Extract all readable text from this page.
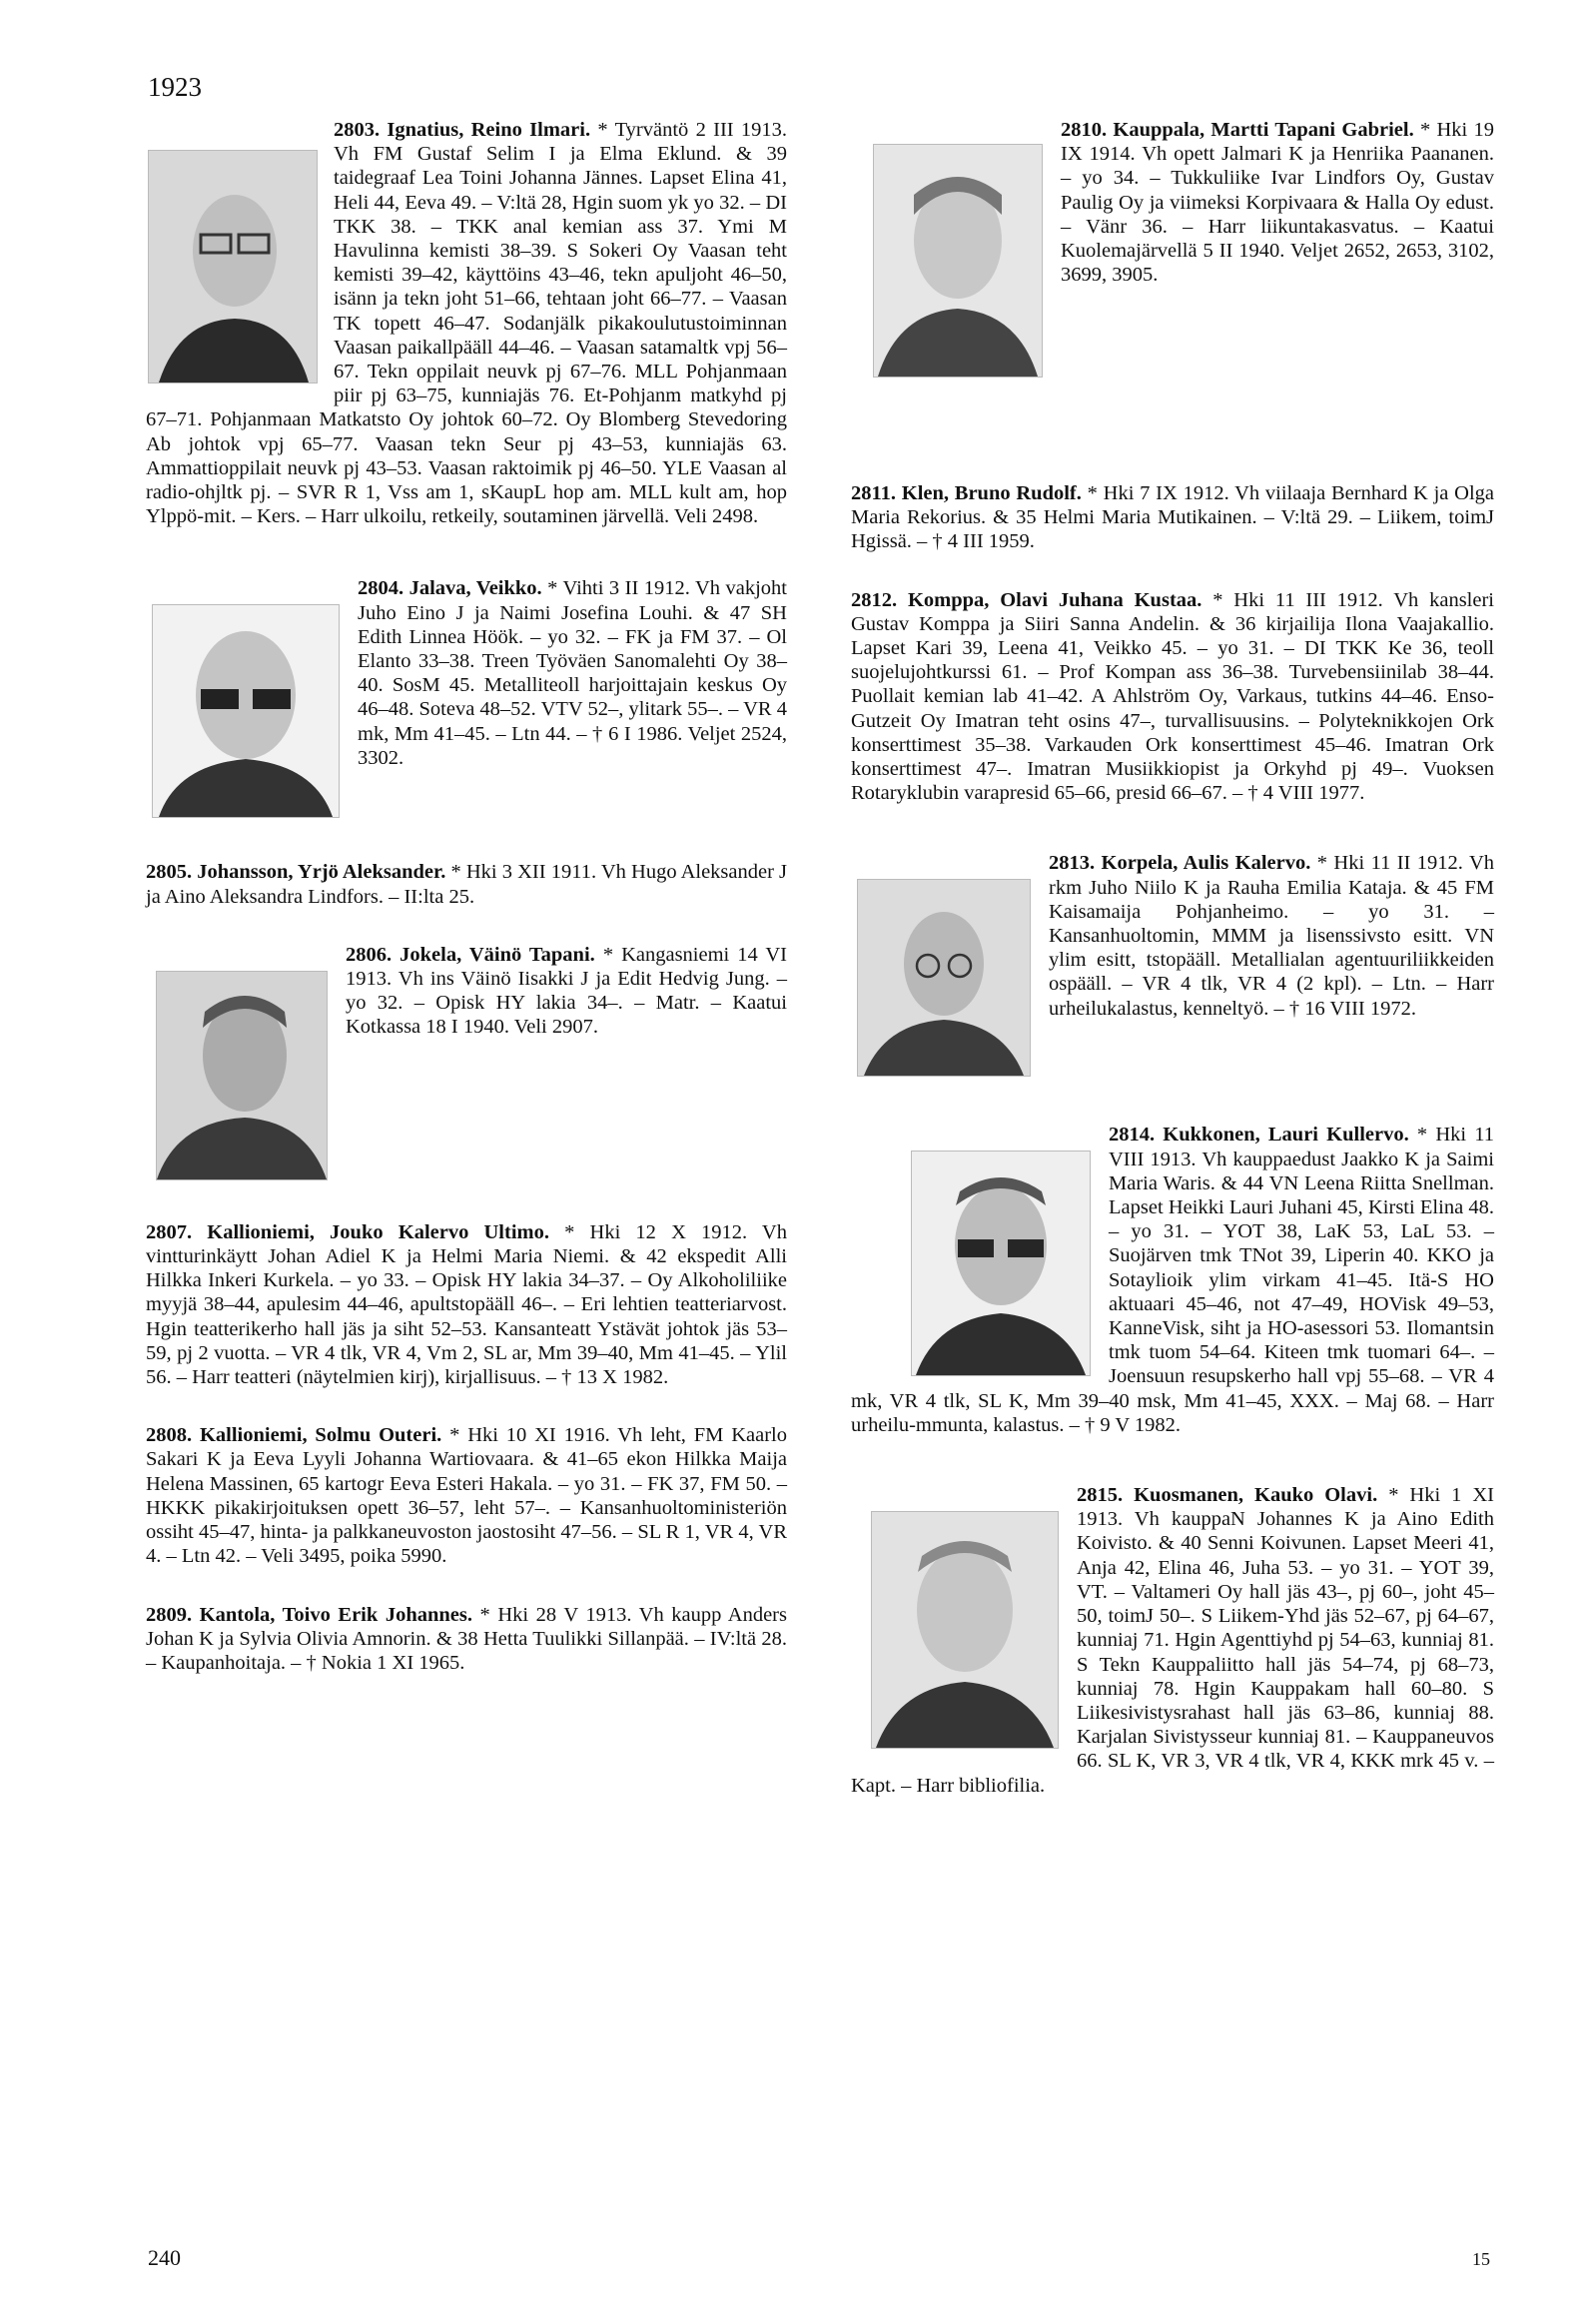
1923

2803. Ignatius, Reino Ilmari. * Tyrväntö 2 III 1913. Vh FM Gustaf Selim I ja Elma Eklund. & 39 taidegraaf Lea Toini Johanna Jännes. Lapset Elina 41, Heli 44, Eeva 49. – V:ltä 28, Hgin suom yk yo 32. – DI TKK 38. – TKK anal kemian ass 37. Ymi M Havulinna kemisti 38–39. S Sokeri Oy Vaasan teht kemisti 39–42, käyttöins 43–46, tekn apuljoht 46–50, isänn ja tekn joht 51–66, tehtaan joht 66–77. – Vaasan TK topett 46–47. Sodanjälk pikakoulutustoiminnan Vaasan paikallpääll 44–46. – Vaasan satamaltk vpj 56–67. Tekn oppilait neuvk pj 67–76. MLL Pohjanmaan piir pj 63–75, kunniajäs 76. Et-Pohjanm matkyhd pj 67–71. Pohjanmaan Matkatsto Oy johtok 60–72. Oy Blomberg Stevedoring Ab johtok vpj 65–77. Vaasan tekn Seur pj 43–53, kunniajäs 63. Ammattioppilait neuvk pj 43–53. Vaasan raktoimik pj 46–50. YLE Vaasan al radio-ohjltk pj. – SVR R 1, Vss am 1, sKaupL hop am. MLL kult am, hop Ylppö-mit. – Kers. – Harr ulkoilu, retkeily, soutaminen järvellä. Veli 2498.

2804. Jalava, Veikko. * Vihti 3 II 1912. Vh vakjoht Juho Eino J ja Naimi Josefina Louhi. & 47 SH Edith Linnea Höök. – yo 32. – FK ja FM 37. – Ol Elanto 33–38. Treen Työväen Sanomalehti Oy 38–40. SosM 45. Metalliteoll harjoittajain keskus Oy 46–48. Soteva 48–52. VTV 52–, ylitark 55–. – VR 4 mk, Mm 41–45. – Ltn 44. – † 6 I 1986. Veljet 2524, 3302.

2805. Johansson, Yrjö Aleksander. * Hki 3 XII 1911. Vh Hugo Aleksander J ja Aino Aleksandra Lindfors. – II:lta 25.

2806. Jokela, Väinö Tapani. * Kangasniemi 14 VI 1913. Vh ins Väinö Iisakki J ja Edit Hedvig Jung. – yo 32. – Opisk HY lakia 34–. – Matr. – Kaatui Kotkassa 18 I 1940. Veli 2907.

2807. Kallioniemi, Jouko Kalervo Ultimo. * Hki 12 X 1912. Vh vintturinkäytt Johan Adiel K ja Helmi Maria Niemi. & 42 ekspedit Alli Hilkka Inkeri Kurkela. – yo 33. – Opisk HY lakia 34–37. – Oy Alkoholiliike myyjä 38–44, apulesim 44–46, apultstopääll 46–. – Eri lehtien teatteriarvost. Hgin teatterikerho hall jäs ja siht 52–53. Kansanteatt Ystävät johtok jäs 53–59, pj 2 vuotta. – VR 4 tlk, VR 4, Vm 2, SL ar, Mm 39–40, Mm 41–45. – Ylil 56. – Harr teatteri (näytelmien kirj), kirjallisuus. – † 13 X 1982.

2808. Kallioniemi, Solmu Outeri. * Hki 10 XI 1916. Vh leht, FM Kaarlo Sakari K ja Eeva Lyyli Johanna Wartiovaara. & 41–65 ekon Hilkka Maija Helena Massinen, 65 kartogr Eeva Esteri Hakala. – yo 31. – FK 37, FM 50. – HKKK pikakirjoituksen opett 36–57, leht 57–. – Kansanhuoltoministeriön ossiht 45–47, hinta- ja palkkaneuvoston jaostosiht 47–56. – SL R 1, VR 4, VR 4. – Ltn 42. – Veli 3495, poika 5990.

2809. Kantola, Toivo Erik Johannes. * Hki 28 V 1913. Vh kaupp Anders Johan K ja Sylvia Olivia Amnorin. & 38 Hetta Tuulikki Sillanpää. – IV:ltä 28. – Kaupanhoitaja. – † Nokia 1 XI 1965.

2810. Kauppala, Martti Tapani Gabriel. * Hki 19 IX 1914. Vh opett Jalmari K ja Henriika Paananen. – yo 34. – Tukkuliike Ivar Lindfors Oy, Gustav Paulig Oy ja viimeksi Korpivaara & Halla Oy edust. – Vänr 36. – Harr liikuntakasvatus. – Kaatui Kuolemajärvellä 5 II 1940. Veljet 2652, 2653, 3102, 3699, 3905.

2811. Klen, Bruno Rudolf. * Hki 7 IX 1912. Vh viilaaja Bernhard K ja Olga Maria Rekorius. & 35 Helmi Maria Mutikainen. – V:ltä 29. – Liikem, toimJ Hgissä. – † 4 III 1959.

2812. Komppa, Olavi Juhana Kustaa. * Hki 11 III 1912. Vh kansleri Gustav Komppa ja Siiri Sanna Andelin. & 36 kirjailija Ilona Vaajakallio. Lapset Kari 39, Leena 41, Veikko 45. – yo 31. – DI TKK Ke 36, teoll suojelujohtkurssi 61. – Prof Kompan ass 36–38. Turvebensiinilab 38–44. Puollait kemian lab 41–42. A Ahlström Oy, Varkaus, tutkins 44–46. Enso-Gutzeit Oy Imatran teht osins 47–, turvallisuusins. – Polyteknikkojen Ork konserttimest 35–38. Varkauden Ork konserttimest 45–46. Imatran Ork konserttimest 47–. Imatran Musiikkiopist ja Orkyhd pj 49–. Vuoksen Rotaryklubin varapresid 65–66, presid 66–67. – † 4 VIII 1977.

2813. Korpela, Aulis Kalervo. * Hki 11 II 1912. Vh rkm Juho Niilo K ja Rauha Emilia Kataja. & 45 FM Kaisamaija Pohjanheimo. – yo 31. – Kansanhuoltomin, MMM ja lisenssivsto esitt. VN ylim esitt, tstopääll. Metallialan agentuuriliikkeiden ospääll. – VR 4 tlk, VR 4 (2 kpl). – Ltn. – Harr urheilukalastus, kenneltyö. – † 16 VIII 1972.

2814. Kukkonen, Lauri Kullervo. * Hki 11 VIII 1913. Vh kauppaedust Jaakko K ja Saimi Maria Waris. & 44 VN Leena Riitta Snellman. Lapset Heikki Lauri Juhani 45, Kirsti Elina 48. – yo 31. – YOT 38, LaK 53, LaL 53. – Suojärven tmk TNot 39, Liperin 40. KKO ja Sotaylioik ylim virkam 41–45. Itä-S HO aktuaari 45–46, not 47–49, HOVisk 49–53, KanneVisk, siht ja HO-asessori 53. Ilomantsin tmk tuom 54–64. Kiteen tmk tuomari 64–. – Joensuun resupskerho hall vpj 55–68. – VR 4 mk, VR 4 tlk, SL K, Mm 39–40 msk, Mm 41–45, XXX. – Maj 68. – Harr urheilu-mmunta, kalastus. – † 9 V 1982.

2815. Kuosmanen, Kauko Olavi. * Hki 1 XI 1913. Vh kauppaN Johannes K ja Aino Edith Koivisto. & 40 Senni Koivunen. Lapset Meeri 41, Anja 42, Elina 46, Juha 53. – yo 31. – YOT 39, VT. – Valtameri Oy hall jäs 43–, pj 60–, joht 45–50, toimJ 50–. S Liikem-Yhd jäs 52–67, pj 64–67, kunniaj 71. Hgin Agenttiyhd pj 54–63, kunniaj 81. S Tekn Kauppaliitto hall jäs 54–74, pj 68–73, kunniaj 78. Hgin Kauppakam hall 60–80. S Liikesivistysrahast hall jäs 63–86, kunniaj 88. Karjalan Sivistysseur kunniaj 81. – Kauppaneuvos 66. SL K, VR 3, VR 4 tlk, VR 4, KKK mrk 45 v. – Kapt. – Harr bibliofilia.

240	15
